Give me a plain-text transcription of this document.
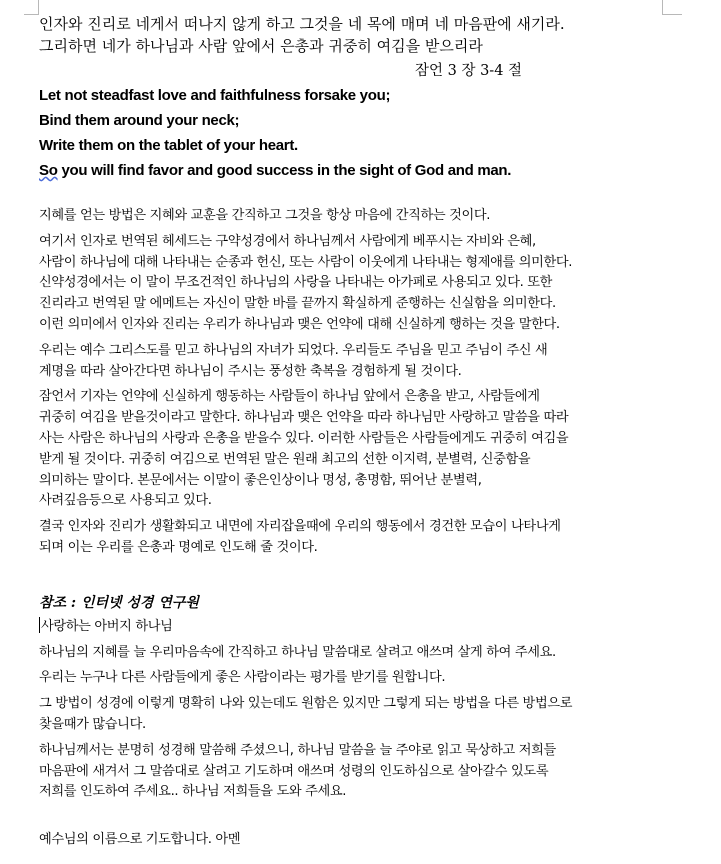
인자와 진리로 네게서 떠나지 않게 하고 그것을 네 목에 매며 네 마음판에 새기라.

그리하면 네가 하나님과 사람 앞에서 은총과 귀중히 여김을 받으리라

잠언 3 장 3-4 절

Let not steadfast love and faithfulness forsake you;

Bind them around your neck;

Write them on the tablet of your heart.

So you will find favor and good success in the sight of God and man.

지혜를 얻는 방법은 지혜와 교훈을 간직하고 그것을 항상 마음에 간직하는 것이다.

여기서 인자로 번역된 헤세드는 구약성경에서 하나님께서 사람에게 베푸시는 자비와 은혜,
사람이 하나님에 대해 나타내는 순종과 헌신, 또는 사람이 이웃에게 나타내는 형제애를 의미한다.
신약성경에서는 이 말이 무조건적인 하나님의 사랑을 나타내는 아가페로 사용되고 있다. 또한
진리라고 번역된 말 에메트는 자신이 말한 바를 끝까지 확실하게 준행하는 신실함을 의미한다.
이런 의미에서 인자와 진리는 우리가 하나님과 맺은 언약에 대해 신실하게 행하는 것을 말한다.

우리는 예수 그리스도를 믿고 하나님의 자녀가 되었다. 우리들도 주님을 믿고 주님이 주신 새
계명을 따라 살아간다면 하나님이 주시는 풍성한 축복을 경험하게 될 것이다.

잠언서 기자는 언약에 신실하게 행동하는 사람들이 하나님 앞에서 은총을 받고, 사람들에게
귀중히 여김을 받을것이라고 말한다. 하나님과 맺은 언약을 따라 하나님만 사랑하고 말씀을 따라
사는 사람은 하나님의 사랑과 은총을 받을수 있다. 이러한 사람들은 사람들에게도 귀중히 여김을
받게 될 것이다. 귀중히 여김으로 번역된 말은 원래 최고의 선한 이지력, 분별력, 신중함을
의미하는 말이다. 본문에서는 이말이 좋은인상이나 명성, 총명함, 뛰어난 분별력,
사려깊음등으로 사용되고 있다.

결국 인자와 진리가 생활화되고 내면에 자리잡을때에 우리의 행동에서 경건한 모습이 나타나게
되며 이는 우리를 은총과 명예로 인도해 줄 것이다.

참조 : 인터넷 성경 연구원

사랑하는 아버지 하나님

하나님의 지혜를 늘 우리마음속에 간직하고 하나님 말씀대로 살려고 애쓰며 살게 하여 주세요.

우리는 누구나 다른 사람들에게 좋은 사람이라는 평가를 받기를 원합니다.

그 방법이 성경에 이렇게 명확히 나와 있는데도 원함은 있지만 그렇게 되는 방법을 다른 방법으로
찾을때가 많습니다.

하나님께서는 분명히 성경해 말씀해 주셨으니, 하나님 말씀을 늘 주야로 읽고 묵상하고 저희들
마음판에 새겨서 그 말씀대로 살려고 기도하며 애쓰며 성령의 인도하심으로 살아갈수 있도록
저희를 인도하여 주세요.. 하나님 저희들을 도와 주세요.

예수님의 이름으로 기도합니다. 아멘
